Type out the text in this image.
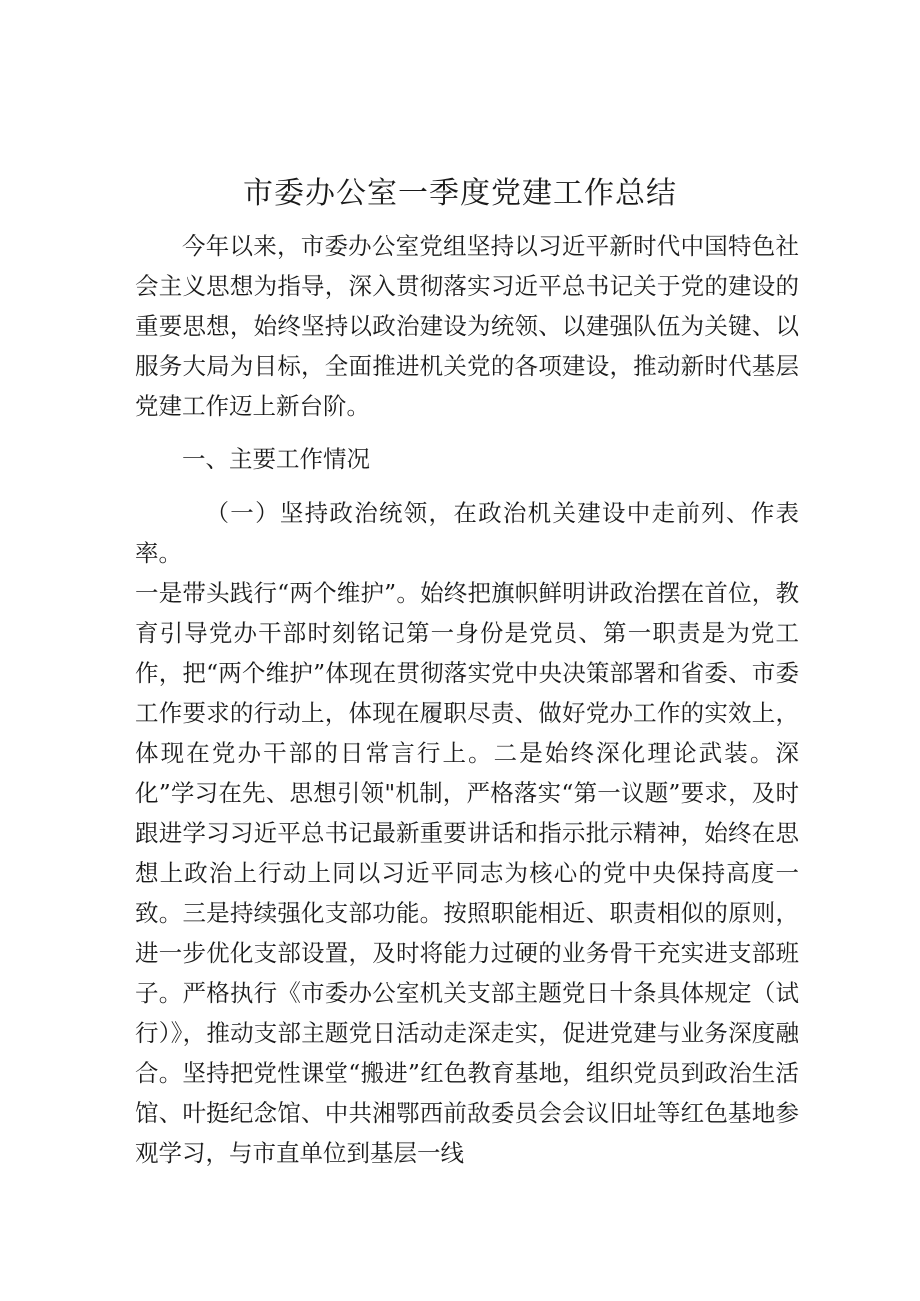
市委办公室一季度党建工作总结

今年以来，市委办公室党组坚持以习近平新时代中国特色社会主义思想为指导，深入贯彻落实习近平总书记关于党的建设的重要思想，始终坚持以政治建设为统领、以建强队伍为关键、以服务大局为目标，全面推进机关党的各项建设，推动新时代基层党建工作迈上新台阶。

一、主要工作情况

（一）坚持政治统领，在政治机关建设中走前列、作表率。

一是带头践行“两个维护”。始终把旗帜鲜明讲政治摆在首位，教育引导党办干部时刻铭记第一身份是党员、第一职责是为党工作，把“两个维护”体现在贯彻落实党中央决策部署和省委、市委工作要求的行动上，体现在履职尽责、做好党办工作的实效上，体现在党办干部的日常言行上。二是始终深化理论武装。深化”学习在先、思想引领"机制，严格落实“第一议题”要求，及时跟进学习习近平总书记最新重要讲话和指示批示精神，始终在思想上政治上行动上同以习近平同志为核心的党中央保持高度一致。三是持续强化支部功能。按照职能相近、职责相似的原则，进一步优化支部设置，及时将能力过硬的业务骨干充实进支部班子。严格执行《市委办公室机关支部主题党日十条具体规定（试行）》，推动支部主题党日活动走深走实，促进党建与业务深度融合。坚持把党性课堂“搬进”红色教育基地，组织党员到政治生活馆、叶挺纪念馆、中共湘鄂西前敌委员会会议旧址等红色基地参观学习，与市直单位到基层一线
